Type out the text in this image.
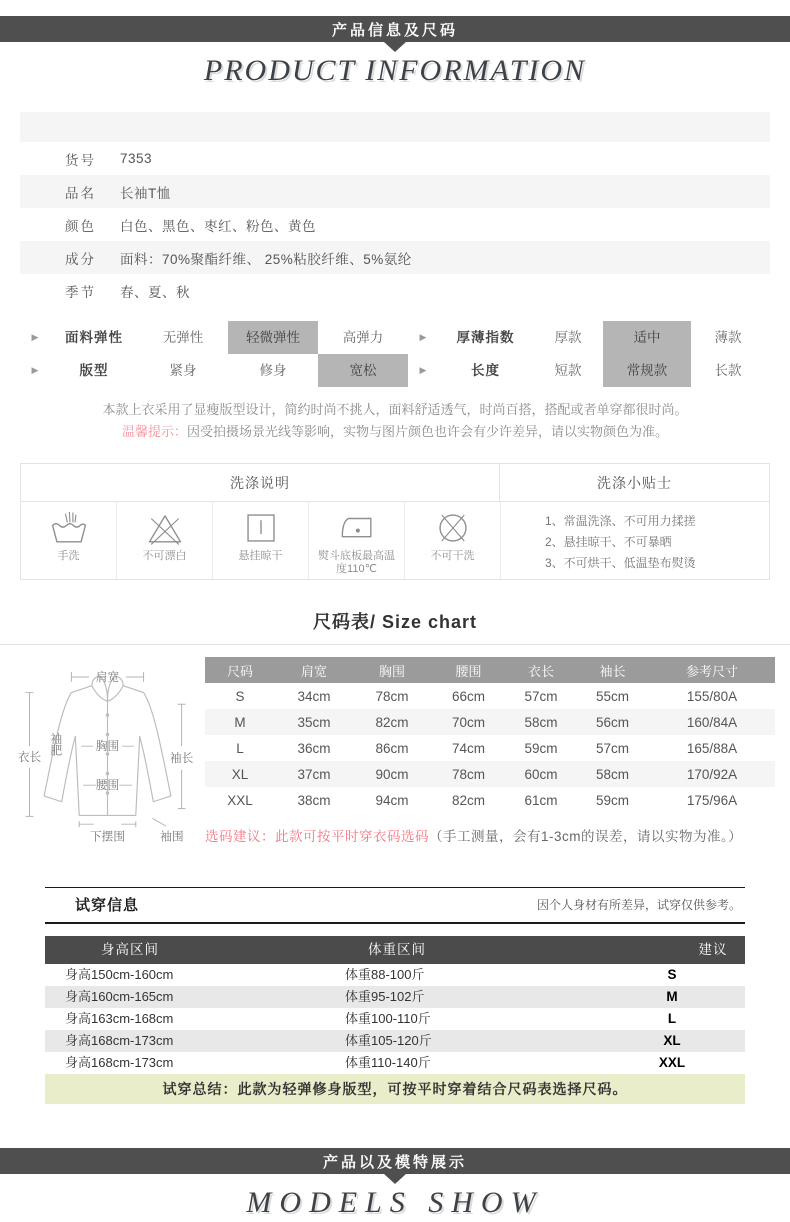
产品信息及尺码
PRODUCT INFORMATION
货号	7353
品名	长袖T恤
颜色	白色、黑色、枣红、粉色、黄色
成分	面料：70%聚酯纤维、 25%粘胶纤维、5%氨纶
季节	春、夏、秋
▶	面料弹性	无弹性	轻微弹性	高弹力	▶	厚薄指数	厚款	适中	薄款
▶	版型	紧身	修身	宽松	▶	长度	短款	常规款	长款
本款上衣采用了显瘦版型设计，简约时尚不挑人，面料舒适透气，时尚百搭，搭配或者单穿都很时尚。
温馨提示：因受拍摄场景光线等影响，实物与图片颜色也许会有少许差异，请以实物颜色为准。
洗涤说明	洗涤小贴士
手洗	不可漂白	悬挂晾干	熨斗底板最高温度110℃
不可干洗
1、常温洗涤、不可用力揉搓
2、悬挂晾干、不可暴晒
3、不可烘干、低温垫布熨烫
尺码表/ Size chart
肩宽
衣长
袖肥	胸围
腰围
袖长
下摆围	袖围
尺码	肩宽	胸围	腰围	衣长	袖长	参考尺寸
S	34cm	78cm	66cm	57cm	55cm	155/80A
M	35cm	82cm	70cm	58cm	56cm	160/84A
L	36cm	86cm	74cm	59cm	57cm	165/88A
XL	37cm	90cm	78cm	60cm	58cm	170/92A
XXL	38cm	94cm	82cm	61cm	59cm	175/96A
选码建议：此款可按平时穿衣码选码（手工测量，会有1-3cm的误差，请以实物为准。）
试穿信息	因个人身材有所差异，试穿仅供参考。
身高区间	体重区间	建议码数
身高150cm-160cm	体重88-100斤	S
身高160cm-165cm	体重95-102斤	M
身高163cm-168cm	体重100-110斤	L
身高168cm-173cm	体重105-120斤	XL
身高168cm-173cm	体重110-140斤	XXL
试穿总结：此款为轻弹修身版型，可按平时穿着结合尺码表选择尺码。
产品以及模特展示
MODELS SHOW
